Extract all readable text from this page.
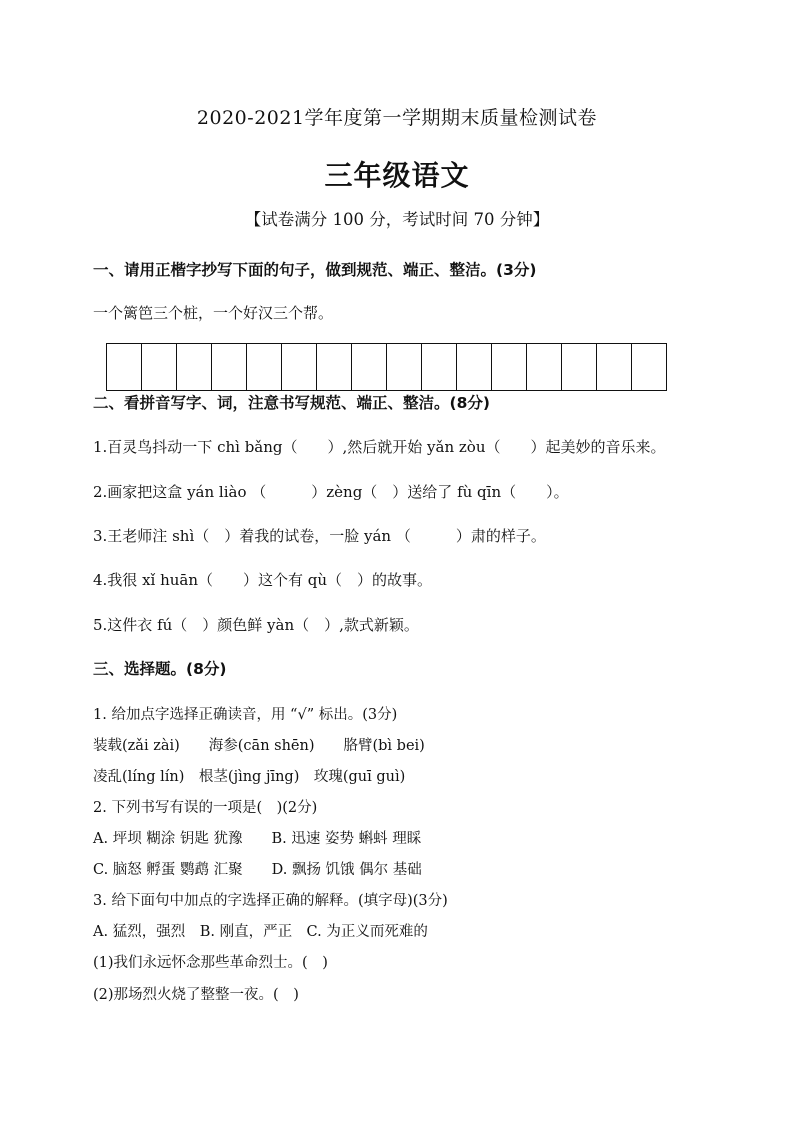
2020-2021学年度第一学期期末质量检测试卷
三年级语文
【试卷满分 100 分，考试时间 70 分钟】
一、请用正楷字抄写下面的句子，做到规范、端正、整洁。(3分)
一个篱笆三个桩，一个好汉三个帮。
二、看拼音写字、词，注意书写规范、端正、整洁。(8分)
1.百灵鸟抖动一下 chì bǎng（　　）,然后就开始 yǎn zòu（　　）起美妙的音乐来。
2.画家把这盒 yán liào （　　　）zèng（　）送给了 fù qīn（　　）。
3.王老师注 shì（　）着我的试卷，一脸 yán （　　　）肃的样子。
4.我很 xǐ huān（　　）这个有 qù（　）的故事。
5.这件衣 fú（　）颜色鲜 yàn（　）,款式新颖。
三、选择题。(8分)
1. 给加点字选择正确读音，用 “√” 标出。(3分)
装载(zǎi zài)　　海参(cān shēn)　　胳臂(bì bei)
凌乱(líng lín)　根茎(jìng jīng)　玫瑰(guī guì)
2. 下列书写有误的一项是(　)(2分)
A. 坪坝 糊涂 钥匙 犹豫　　B. 迅速 姿势 蝌蚪 理睬
C. 脑怒 孵蛋 鹦鹉 汇聚　　D. 飘扬 饥饿 偶尔 基础
3. 给下面句中加点的字选择正确的解释。(填字母)(3分)
A. 猛烈，强烈　B. 刚直，严正　C. 为正义而死难的
(1)我们永远怀念那些革命烈士。(　)
(2)那场烈火烧了整整一夜。(　)
